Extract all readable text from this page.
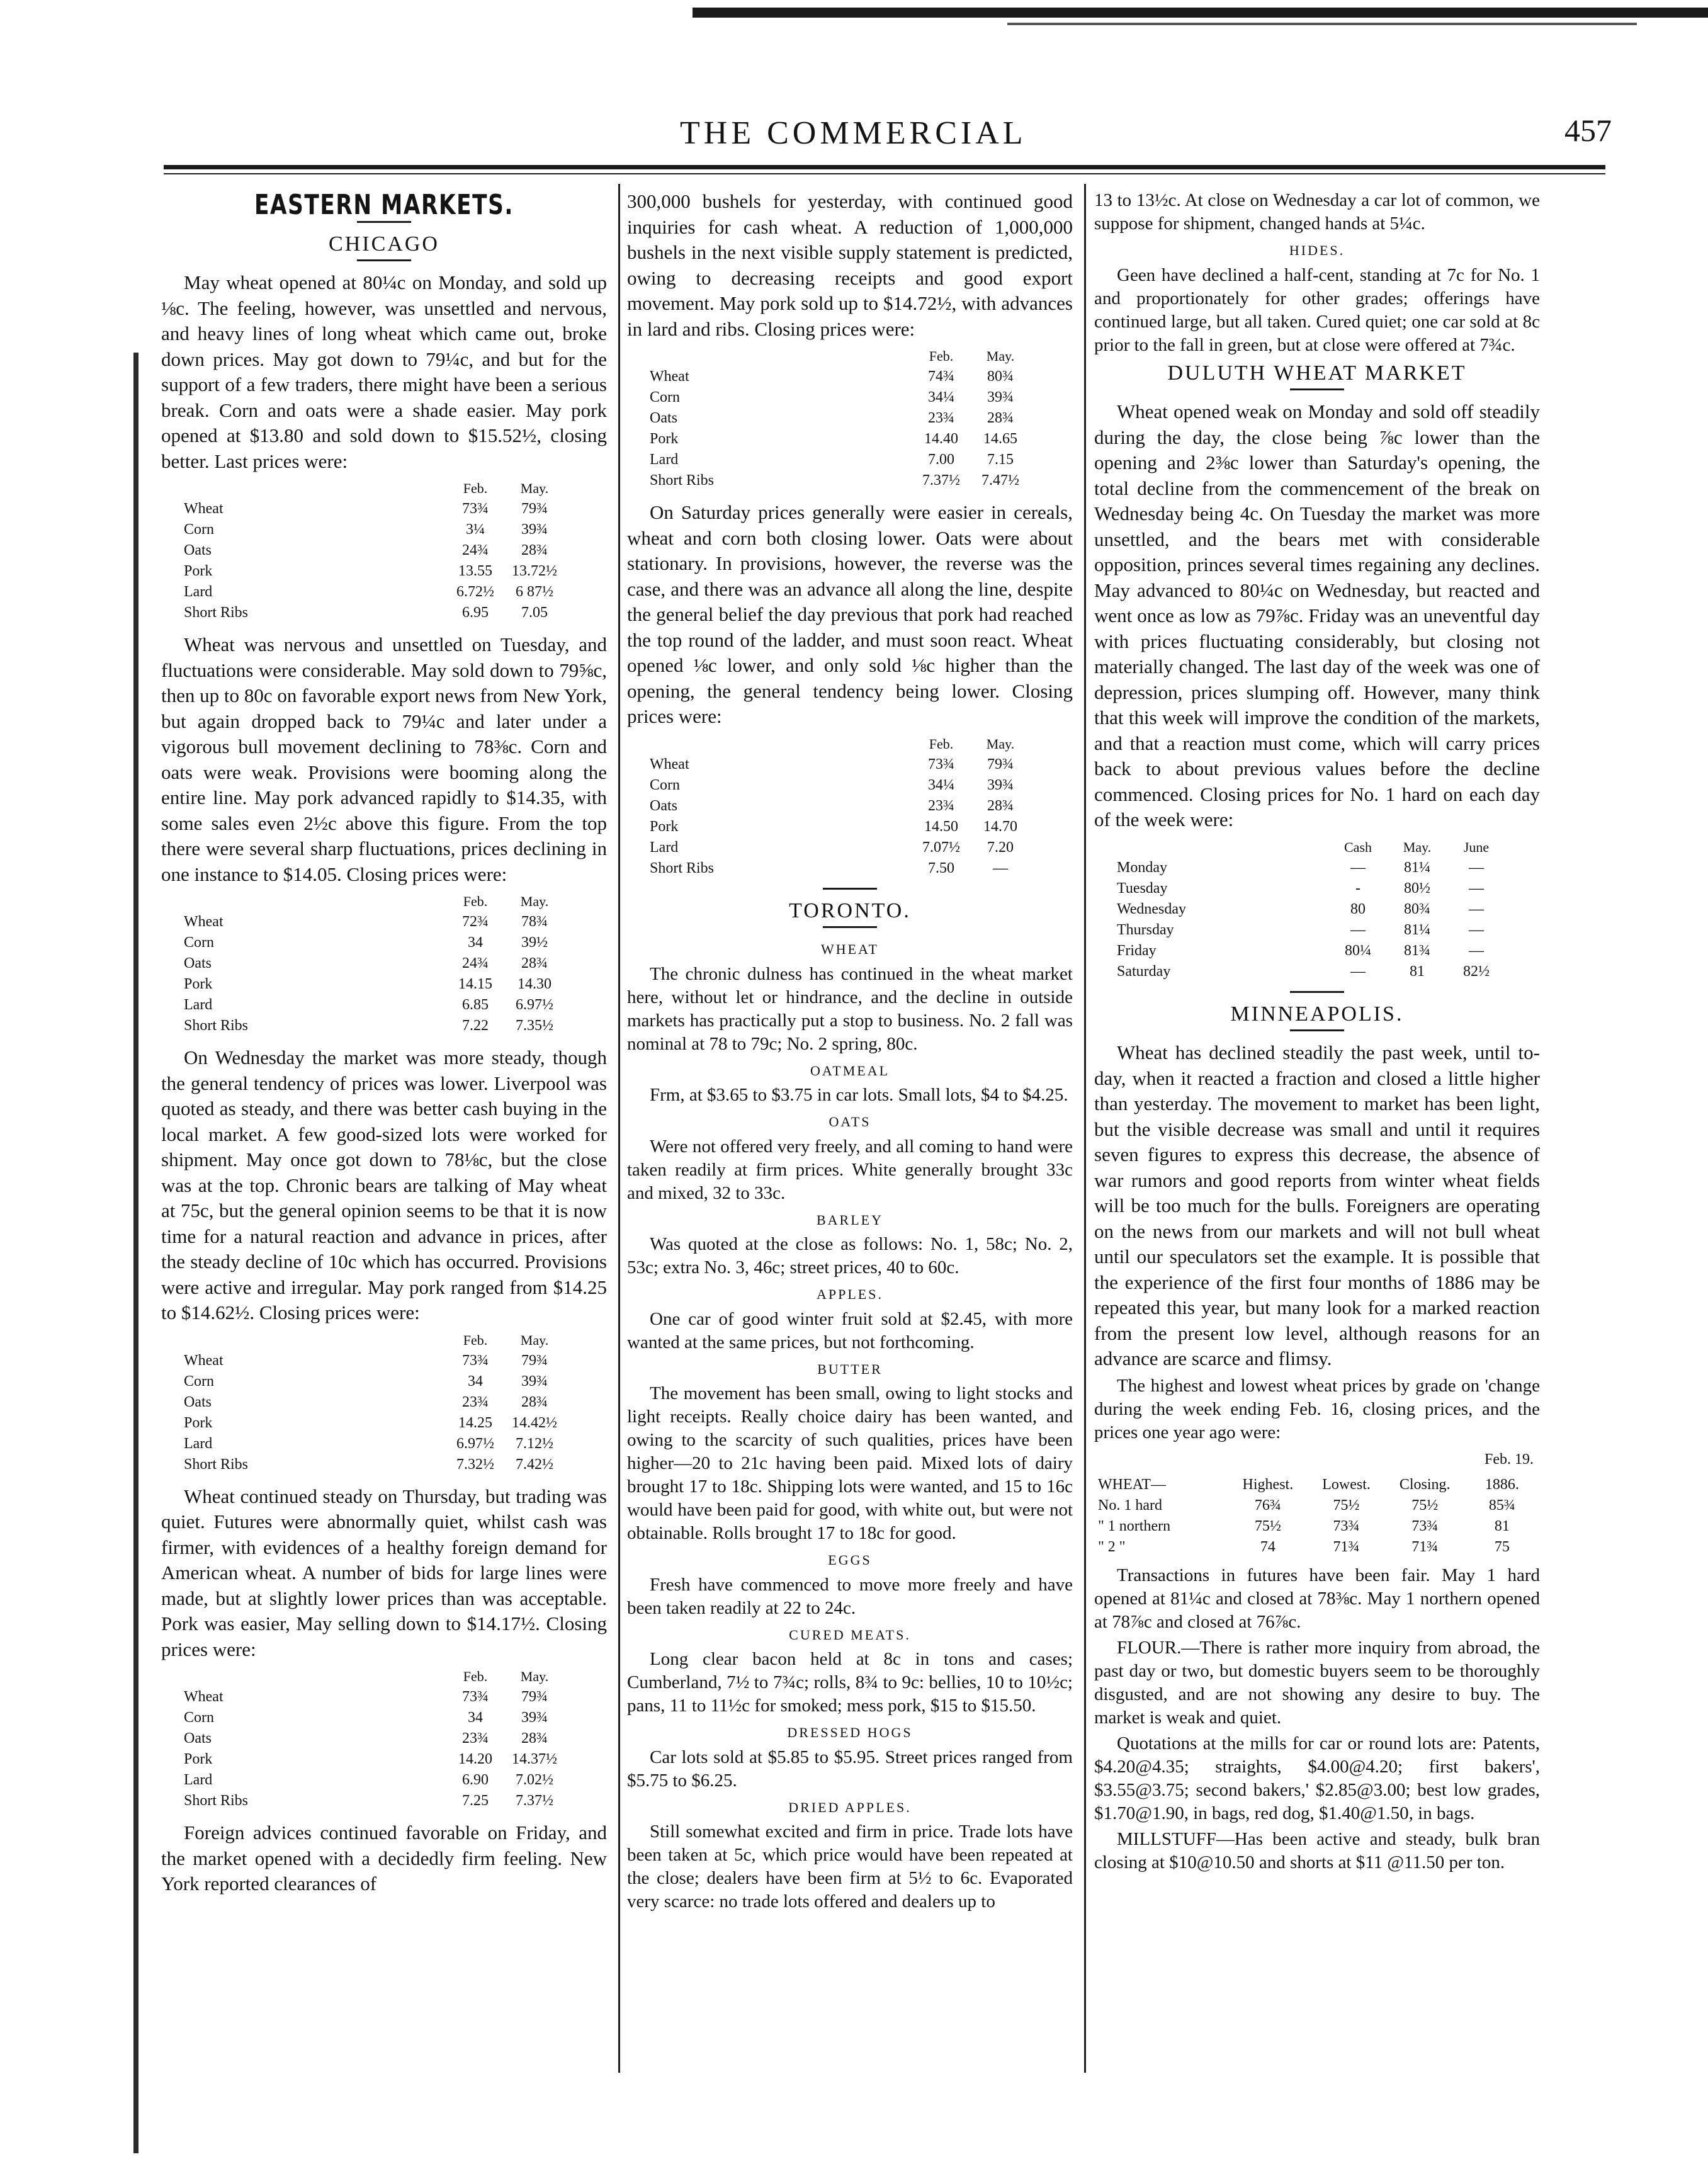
THE COMMERCIAL	457
EASTERN MARKETS.
CHICAGO

May wheat opened at 80¼c on Monday, and sold up ⅛c. The feeling, however, was unsettled and nervous, and heavy lines of long wheat which came out, broke down prices. May got down to 79¼c, and but for the support of a few traders, there might have been a serious break. Corn and oats were a shade easier. May pork opened at $13.80 and sold down to $15.52½, closing better. Last prices were:

	Feb.	May.
Wheat	73¾	79¾
Corn	3¼	39¾
Oats	24¾	28¾
Pork	13.55	13.72½
Lard	6.72½	6 87½
Short Ribs	6.95	7.05

Wheat was nervous and unsettled on Tuesday, and fluctuations were considerable. May sold down to 79⅝c, then up to 80c on favorable export news from New York, but again dropped back to 79¼c and later under a vigorous bull movement declining to 78⅜c. Corn and oats were weak. Provisions were booming along the entire line. May pork advanced rapidly to $14.35, with some sales even 2½c above this figure. From the top there were several sharp fluctuations, prices declining in one instance to $14.05. Closing prices were:

	Feb.	May.
Wheat	72¾	78¾
Corn	34	39½
Oats	24¾	28¾
Pork	14.15	14.30
Lard	6.85	6.97½
Short Ribs	7.22	7.35½

On Wednesday the market was more steady, though the general tendency of prices was lower. Liverpool was quoted as steady, and there was better cash buying in the local market. A few good-sized lots were worked for shipment. May once got down to 78⅛c, but the close was at the top. Chronic bears are talking of May wheat at 75c, but the general opinion seems to be that it is now time for a natural reaction and advance in prices, after the steady decline of 10c which has occurred. Provisions were active and irregular. May pork ranged from $14.25 to $14.62½. Closing prices were:

	Feb.	May.
Wheat	73¾	79¾
Corn	34	39¾
Oats	23¾	28¾
Pork	14.25	14.42½
Lard	6.97½	7.12½
Short Ribs	7.32½	7.42½

Wheat continued steady on Thursday, but trading was quiet. Futures were abnormally quiet, whilst cash was firmer, with evidences of a healthy foreign demand for American wheat. A number of bids for large lines were made, but at slightly lower prices than was acceptable. Pork was easier, May selling down to $14.17½. Closing prices were:

	Feb.	May.
Wheat	73¾	79¾
Corn	34	39¾
Oats	23¾	28¾
Pork	14.20	14.37½
Lard	6.90	7.02½
Short Ribs	7.25	7.37½

Foreign advices continued favorable on Friday, and the market opened with a decidedly firm feeling. New York reported clearances of

300,000 bushels for yesterday, with continued good inquiries for cash wheat. A reduction of 1,000,000 bushels in the next visible supply statement is predicted, owing to decreasing receipts and good export movement. May pork sold up to $14.72½, with advances in lard and ribs. Closing prices were:

	Feb.	May.
Wheat	74¾	80¾
Corn	34¼	39¾
Oats	23¾	28¾
Pork	14.40	14.65
Lard	7.00	7.15
Short Ribs	7.37½	7.47½

On Saturday prices generally were easier in cereals, wheat and corn both closing lower. Oats were about stationary. In provisions, however, the reverse was the case, and there was an advance all along the line, despite the general belief the day previous that pork had reached the top round of the ladder, and must soon react. Wheat opened ⅛c lower, and only sold ⅛c higher than the opening, the general tendency being lower. Closing prices were:

	Feb.	May.
Wheat	73¾	79¾
Corn	34¼	39¾
Oats	23¾	28¾
Pork	14.50	14.70
Lard	7.07½	7.20
Short Ribs	7.50	—
TORONTO.
WHEAT

The chronic dulness has continued in the wheat market here, without let or hindrance, and the decline in outside markets has practically put a stop to business. No. 2 fall was nominal at 78 to 79c; No. 2 spring, 80c.

OATMEAL

Frm, at $3.65 to $3.75 in car lots. Small lots, $4 to $4.25.

OATS

Were not offered very freely, and all coming to hand were taken readily at firm prices. White generally brought 33c and mixed, 32 to 33c.

BARLEY

Was quoted at the close as follows: No. 1, 58c; No. 2, 53c; extra No. 3, 46c; street prices, 40 to 60c.

APPLES.

One car of good winter fruit sold at $2.45, with more wanted at the same prices, but not forthcoming.

BUTTER

The movement has been small, owing to light stocks and light receipts. Really choice dairy has been wanted, and owing to the scarcity of such qualities, prices have been higher—20 to 21c having been paid. Mixed lots of dairy brought 17 to 18c. Shipping lots were wanted, and 15 to 16c would have been paid for good, with white out, but were not obtainable. Rolls brought 17 to 18c for good.

EGGS

Fresh have commenced to move more freely and have been taken readily at 22 to 24c.

CURED MEATS.

Long clear bacon held at 8c in tons and cases; Cumberland, 7½ to 7¾c; rolls, 8¾ to 9c: bellies, 10 to 10½c; pans, 11 to 11½c for smoked; mess pork, $15 to $15.50.

DRESSED HOGS

Car lots sold at $5.85 to $5.95. Street prices ranged from $5.75 to $6.25.

DRIED APPLES.

Still somewhat excited and firm in price. Trade lots have been taken at 5c, which price would have been repeated at the close; dealers have been firm at 5½ to 6c. Evaporated very scarce: no trade lots offered and dealers up to

13 to 13½c. At close on Wednesday a car lot of common, we suppose for shipment, changed hands at 5¼c.

HIDES.

Geen have declined a half-cent, standing at 7c for No. 1 and proportionately for other grades; offerings have continued large, but all taken. Cured quiet; one car sold at 8c prior to the fall in green, but at close were offered at 7¾c.

DULUTH WHEAT MARKET

Wheat opened weak on Monday and sold off steadily during the day, the close being ⅞c lower than the opening and 2⅜c lower than Saturday's opening, the total decline from the commencement of the break on Wednesday being 4c. On Tuesday the market was more unsettled, and the bears met with considerable opposition, princes several times regaining any declines. May advanced to 80¼c on Wednesday, but reacted and went once as low as 79⅞c. Friday was an uneventful day with prices fluctuating considerably, but closing not materially changed. The last day of the week was one of depression, prices slumping off. However, many think that this week will improve the condition of the markets, and that a reaction must come, which will carry prices back to about previous values before the decline commenced. Closing prices for No. 1 hard on each day of the week were:

	Cash	May.	June
Monday	—	81¼	—
Tuesday	-	80½	—
Wednesday	80	80¾	—
Thursday	—	81¼	—
Friday	80¼	81¾	—
Saturday	—	81	82½
MINNEAPOLIS.

Wheat has declined steadily the past week, until to-day, when it reacted a fraction and closed a little higher than yesterday. The movement to market has been light, but the visible decrease was small and until it requires seven figures to express this decrease, the absence of war rumors and good reports from winter wheat fields will be too much for the bulls. Foreigners are operating on the news from our markets and will not bull wheat until our speculators set the example. It is possible that the experience of the first four months of 1886 may be repeated this year, but many look for a marked reaction from the present low level, although reasons for an advance are scarce and flimsy.

The highest and lowest wheat prices by grade on 'change during the week ending Feb. 16, closing prices, and the prices one year ago were:

Feb. 19.
WHEAT—	Highest.	Lowest.	Closing.	1886.
No. 1 hard	76¾	75½	75½	85¾
" 1 northern	75½	73¾	73¾	81
" 2 "	74	71¾	71¾	75

Transactions in futures have been fair. May 1 hard opened at 81¼c and closed at 78⅜c. May 1 northern opened at 78⅞c and closed at 76⅞c.

FLOUR.—There is rather more inquiry from abroad, the past day or two, but domestic buyers seem to be thoroughly disgusted, and are not showing any desire to buy. The market is weak and quiet.

Quotations at the mills for car or round lots are: Patents, $4.20@4.35; straights, $4.00@4.20; first bakers', $3.55@3.75; second bakers,' $2.85@3.00; best low grades, $1.70@1.90, in bags, red dog, $1.40@1.50, in bags.

MILLSTUFF—Has been active and steady, bulk bran closing at $10@10.50 and shorts at $11 @11.50 per ton.
